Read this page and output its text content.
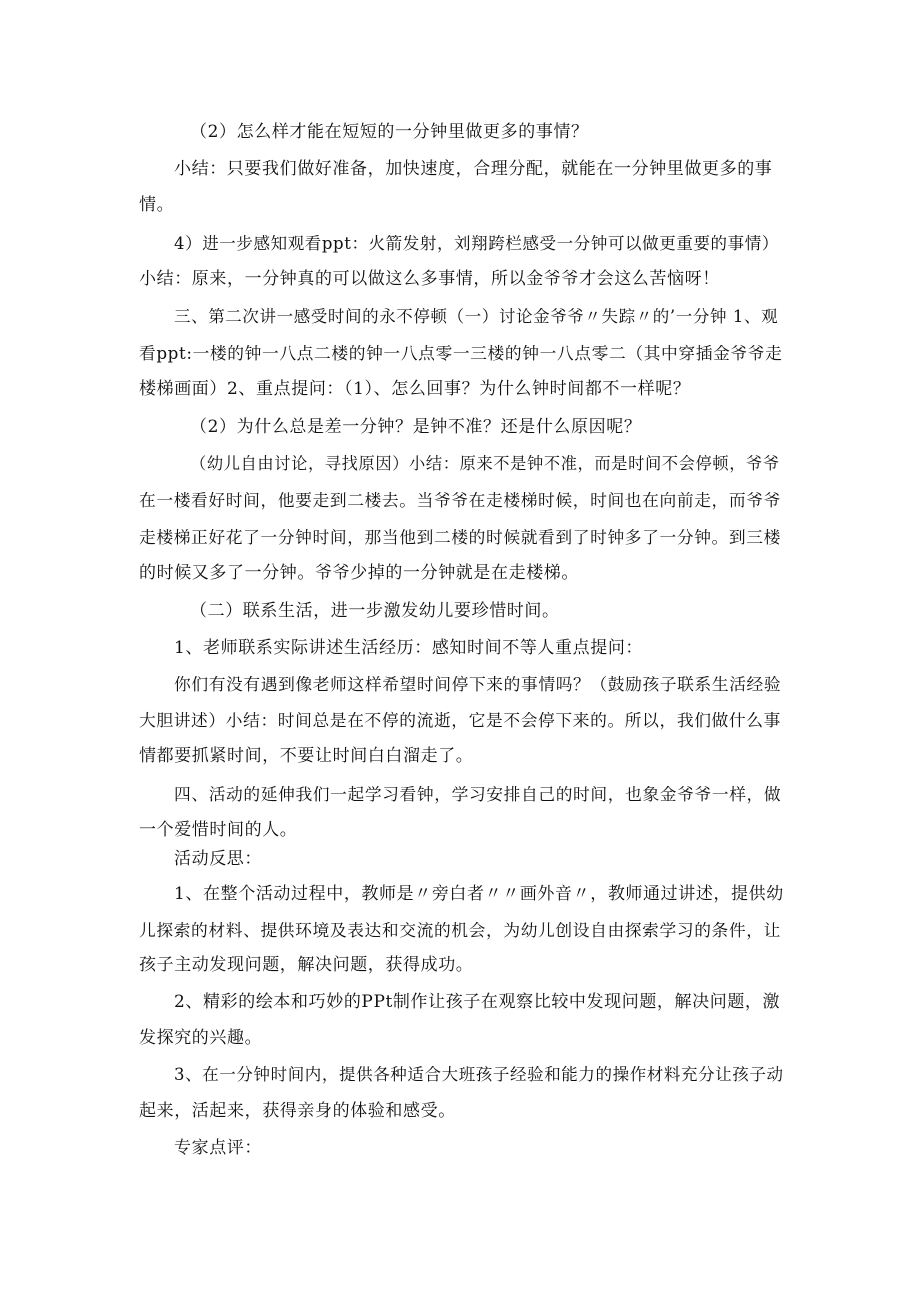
（2）怎么样才能在短短的一分钟里做更多的事情？
小结：只要我们做好准备，加快速度，合理分配，就能在一分钟里做更多的事
情。
4）进一步感知观看ppt：火箭发射，刘翔跨栏感受一分钟可以做更重要的事情）
小结：原来，一分钟真的可以做这么多事情，所以金爷爷才会这么苦恼呀！
三、第二次讲一感受时间的永不停顿（一）讨论金爷爷〃失踪〃的’一分钟 1、观
看ppt:一楼的钟一八点二楼的钟一八点零一三楼的钟一八点零二（其中穿插金爷爷走
楼梯画面）2、重点提问：（1）、怎么回事？为什么钟时间都不一样呢？
（2）为什么总是差一分钟？是钟不准？还是什么原因呢？
（幼儿自由讨论，寻找原因）小结：原来不是钟不准，而是时间不会停顿，爷爷
在一楼看好时间，他要走到二楼去。当爷爷在走楼梯时候，时间也在向前走，而爷爷
走楼梯正好花了一分钟时间，那当他到二楼的时候就看到了时钟多了一分钟。到三楼
的时候又多了一分钟。爷爷少掉的一分钟就是在走楼梯。
（二）联系生活，进一步激发幼儿要珍惜时间。
1、老师联系实际讲述生活经历：感知时间不等人重点提问：
你们有没有遇到像老师这样希望时间停下来的事情吗？（鼓励孩子联系生活经验
大胆讲述）小结：时间总是在不停的流逝，它是不会停下来的。所以，我们做什么事
情都要抓紧时间，不要让时间白白溜走了。
四、活动的延伸我们一起学习看钟，学习安排自己的时间，也象金爷爷一样，做
一个爱惜时间的人。
活动反思：
1、在整个活动过程中，教师是〃旁白者〃〃画外音〃，教师通过讲述，提供幼
儿探索的材料、提供环境及表达和交流的机会，为幼儿创设自由探索学习的条件，让
孩子主动发现问题，解决问题，获得成功。
2、精彩的绘本和巧妙的PPt制作让孩子在观察比较中发现问题，解决问题，激
发探究的兴趣。
3、在一分钟时间内，提供各种适合大班孩子经验和能力的操作材料充分让孩子动
起来，活起来，获得亲身的体验和感受。
专家点评：
